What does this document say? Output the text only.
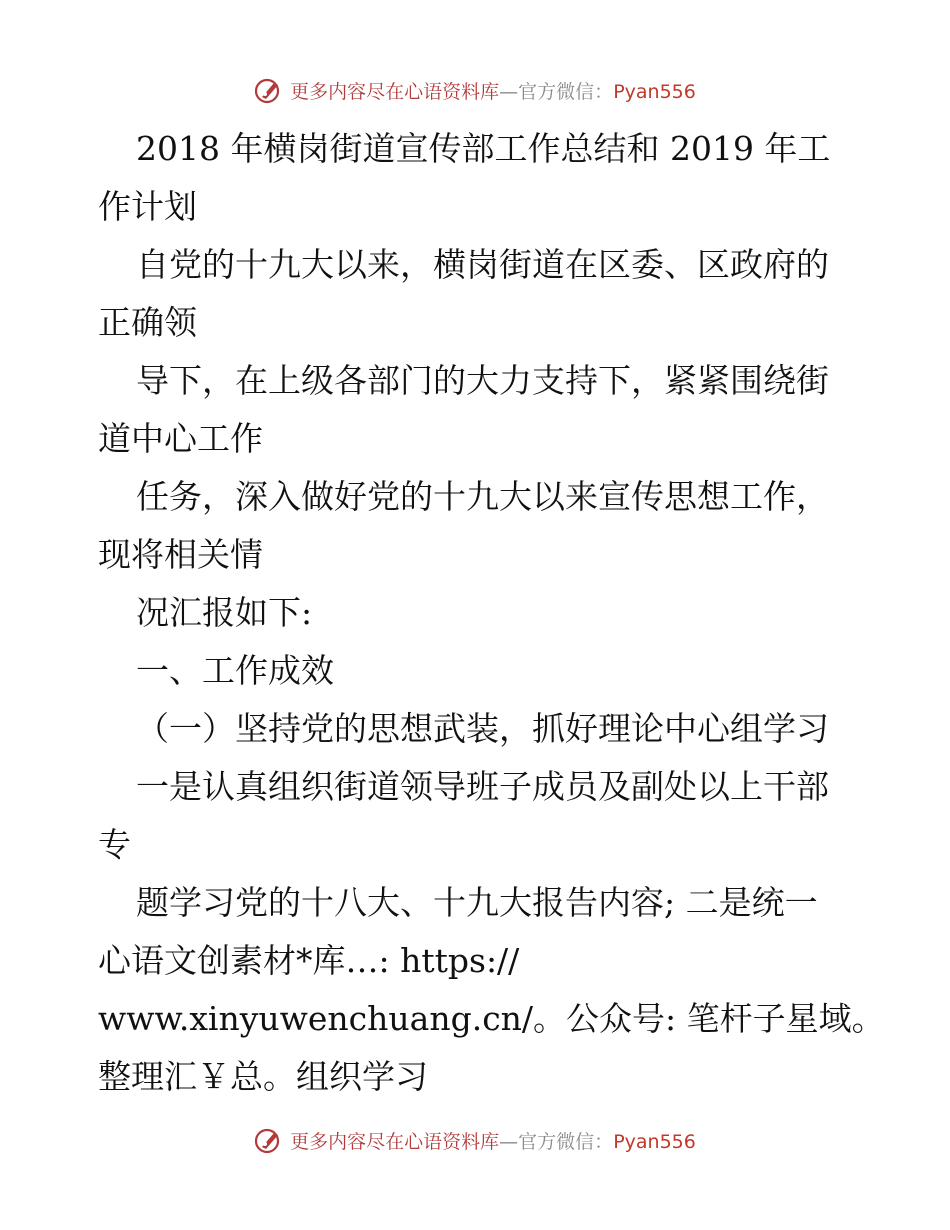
更多内容尽在心语资料库—官方微信：Pyan556
2018 年横岗街道宣传部工作总结和 2019 年工
作计划
自党的十九大以来，横岗街道在区委、区政府的
正确领
导下，在上级各部门的大力支持下，紧紧围绕街
道中心工作
任务，深入做好党的十九大以来宣传思想工作，
现将相关情
况汇报如下:
一、工作成效
（一）坚持党的思想武装，抓好理论中心组学习
一是认真组织街道领导班子成员及副处以上干部
专
题学习党的十八大、十九大报告内容; 二是统一
心语文创素材*库…: https://
www.xinyuwenchuang.cn/。公众号: 笔杆子星域。
整理汇￥总。组织学习
更多内容尽在心语资料库—官方微信：Pyan556
